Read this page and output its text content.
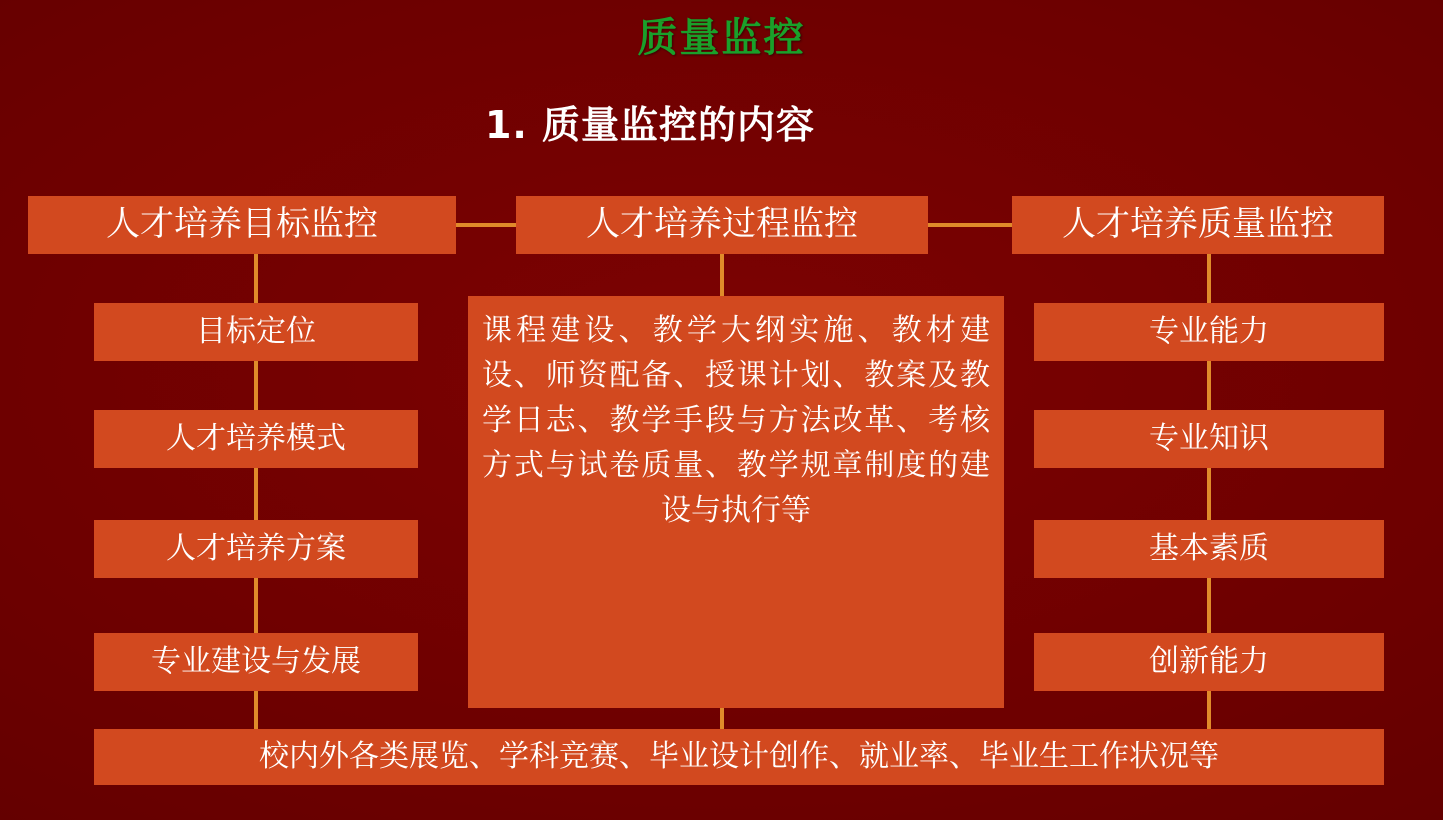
质量监控
1. 质量监控的内容
人才培养目标监控	人才培养过程监控	人才培养质量监控
目标定位
人才培养模式
人才培养方案
专业建设与发展
课程建设、教学大纲实施、教材建设、师资配备、授课计划、教案及教学日志、教学手段与方法改革、考核方式与试卷质量、教学规章制度的建设与执行等
专业能力
专业知识
基本素质
创新能力
校内外各类展览、学科竞赛、毕业设计创作、就业率、毕业生工作状况等
